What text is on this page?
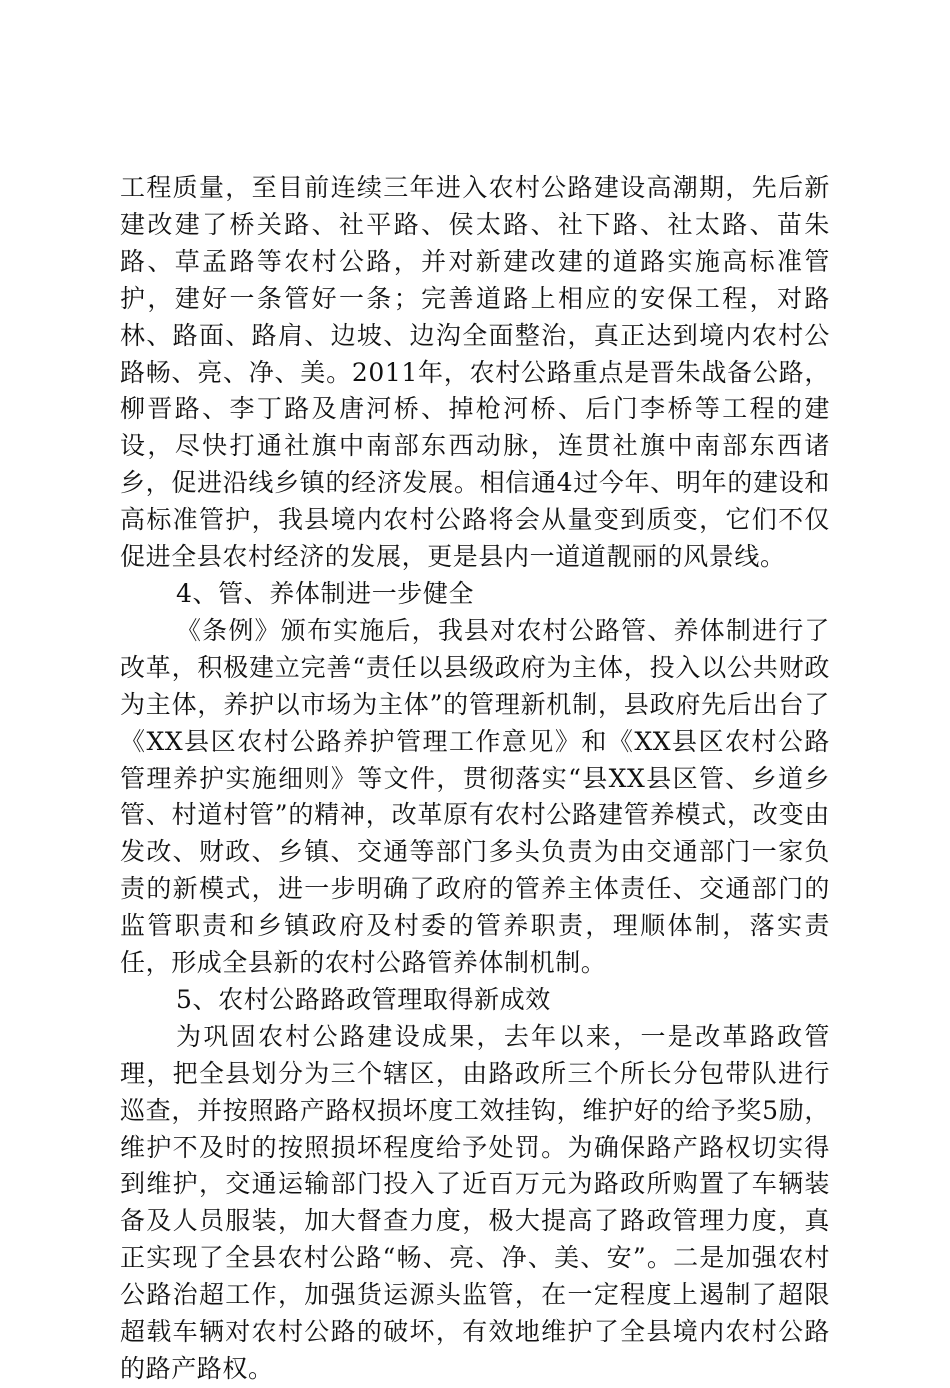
工程质量，至目前连续三年进入农村公路建设高潮期，先后新建改建了桥关路、社平路、侯太路、社下路、社太路、苗朱路、草孟路等农村公路，并对新建改建的道路实施高标准管护，建好一条管好一条；完善道路上相应的安保工程，对路林、路面、路肩、边坡、边沟全面整治，真正达到境内农村公路畅、亮、净、美。2011年，农村公路重点是晋朱战备公路，柳晋路、李丁路及唐河桥、掉枪河桥、后门李桥等工程的建设，尽快打通社旗中南部东西动脉，连贯社旗中南部东西诸乡，促进沿线乡镇的经济发展。相信通4过今年、明年的建设和高标准管护，我县境内农村公路将会从量变到质变，它们不仅促进全县农村经济的发展，更是县内一道道靓丽的风景线。

4、管、养体制进一步健全

《条例》颁布实施后，我县对农村公路管、养体制进行了改革，积极建立完善“责任以县级政府为主体，投入以公共财政为主体，养护以市场为主体”的管理新机制，县政府先后出台了《XX县区农村公路养护管理工作意见》和《XX县区农村公路管理养护实施细则》等文件，贯彻落实“县XX县区管、乡道乡管、村道村管”的精神，改革原有农村公路建管养模式，改变由发改、财政、乡镇、交通等部门多头负责为由交通部门一家负责的新模式，进一步明确了政府的管养主体责任、交通部门的监管职责和乡镇政府及村委的管养职责，理顺体制，落实责任，形成全县新的农村公路管养体制机制。

5、农村公路路政管理取得新成效

为巩固农村公路建设成果，去年以来，一是改革路政管理，把全县划分为三个辖区，由路政所三个所长分包带队进行巡查，并按照路产路权损坏度工效挂钩，维护好的给予奖5励，维护不及时的按照损坏程度给予处罚。为确保路产路权切实得到维护，交通运输部门投入了近百万元为路政所购置了车辆装备及人员服装，加大督查力度，极大提高了路政管理力度，真正实现了全县农村公路“畅、亮、净、美、安”。二是加强农村公路治超工作，加强货运源头监管，在一定程度上遏制了超限超载车辆对农村公路的破坏，有效地维护了全县境内农村公路的路产路权。
